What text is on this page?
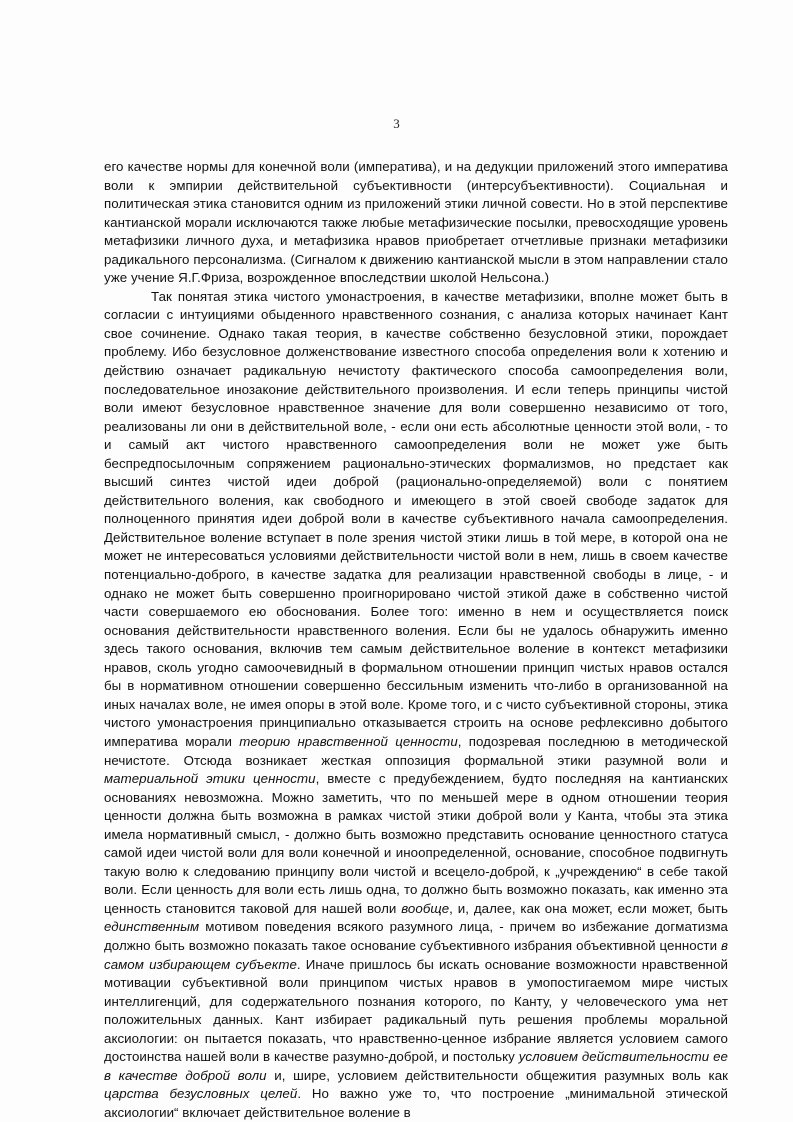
3

его качестве нормы для конечной воли (императива), и на дедукции приложений этого императива воли к эмпирии действительной субъективности (интерсубъективности). Социальная и политическая этика становится одним из приложений этики личной совести. Но в этой перспективе кантианской морали исключаются также любые метафизические посылки, превосходящие уровень метафизики личного духа, и метафизика нравов приобретает отчетливые признаки метафизики радикального персонализма. (Сигналом к движению кантианской мысли в этом направлении стало уже учение Я.Г.Фриза, возрожденное впоследствии школой Нельсона.)

Так понятая этика чистого умонастроения, в качестве метафизики, вполне может быть в согласии с интуициями обыденного нравственного сознания, с анализа которых начинает Кант свое сочинение. Однако такая теория, в качестве собственно безусловной этики, порождает проблему. Ибо безусловное долженствование известного способа определения воли к хотению и действию означает радикальную нечистоту фактического способа самоопределения воли, последовательное инозаконие действительного произволения. И если теперь принципы чистой воли имеют безусловное нравственное значение для воли совершенно независимо от того, реализованы ли они в действительной воле, - если они есть абсолютные ценности этой воли, - то и самый акт чистого нравственного самоопределения воли не может уже быть беспредпосылочным сопряжением рационально-этических формализмов, но предстает как высший синтез чистой идеи доброй (рационально-определяемой) воли с понятием действительного воления, как свободного и имеющего в этой своей свободе задаток для полноценного принятия идеи доброй воли в качестве субъективного начала самоопределения. Действительное воление вступает в поле зрения чистой этики лишь в той мере, в которой она не может не интересоваться условиями действительности чистой воли в нем, лишь в своем качестве потенциально-доброго, в качестве задатка для реализации нравственной свободы в лице, - и однако не может быть совершенно проигнорировано чистой этикой даже в собственно чистой части совершаемого ею обоснования. Более того: именно в нем и осуществляется поиск основания действительности нравственного воления. Если бы не удалось обнаружить именно здесь такого основания, включив тем самым действительное воление в контекст метафизики нравов, сколь угодно самоочевидный в формальном отношении принцип чистых нравов остался бы в нормативном отношении совершенно бессильным изменить что-либо в организованной на иных началах воле, не имея опоры в этой воле. Кроме того, и с чисто субъективной стороны, этика чистого умонастроения принципиально отказывается строить на основе рефлексивно добытого императива морали теорию нравственной ценности, подозревая последнюю в методической нечистоте. Отсюда возникает жесткая оппозиция формальной этики разумной воли и материальной этики ценности, вместе с предубеждением, будто последняя на кантианских основаниях невозможна. Можно заметить, что по меньшей мере в одном отношении теория ценности должна быть возможна в рамках чистой этики доброй воли у Канта, чтобы эта этика имела нормативный смысл, - должно быть возможно представить основание ценностного статуса самой идеи чистой воли для воли конечной и иноопределенной, основание, способное подвигнуть такую волю к следованию принципу воли чистой и всецело-доброй, к „учреждению“ в себе такой воли. Если ценность для воли есть лишь одна, то должно быть возможно показать, как именно эта ценность становится таковой для нашей воли вообще, и, далее, как она может, если может, быть единственным мотивом поведения всякого разумного лица, - причем во избежание догматизма должно быть возможно показать такое основание субъективного избрания объективной ценности в самом избирающем субъекте. Иначе пришлось бы искать основание возможности нравственной мотивации субъективной воли принципом чистых нравов в умопостигаемом мире чистых интеллигенций, для содержательного познания которого, по Канту, у человеческого ума нет положительных данных. Кант избирает радикальный путь решения проблемы моральной аксиологии: он пытается показать, что нравственно-ценное избрание является условием самого достоинства нашей воли в качестве разумно-доброй, и постольку условием действительности ее в качестве доброй воли и, шире, условием действительности общежития разумных воль как царства безусловных целей. Но важно уже то, что построение „минимальной этической аксиологии“ включает действительное воление в
